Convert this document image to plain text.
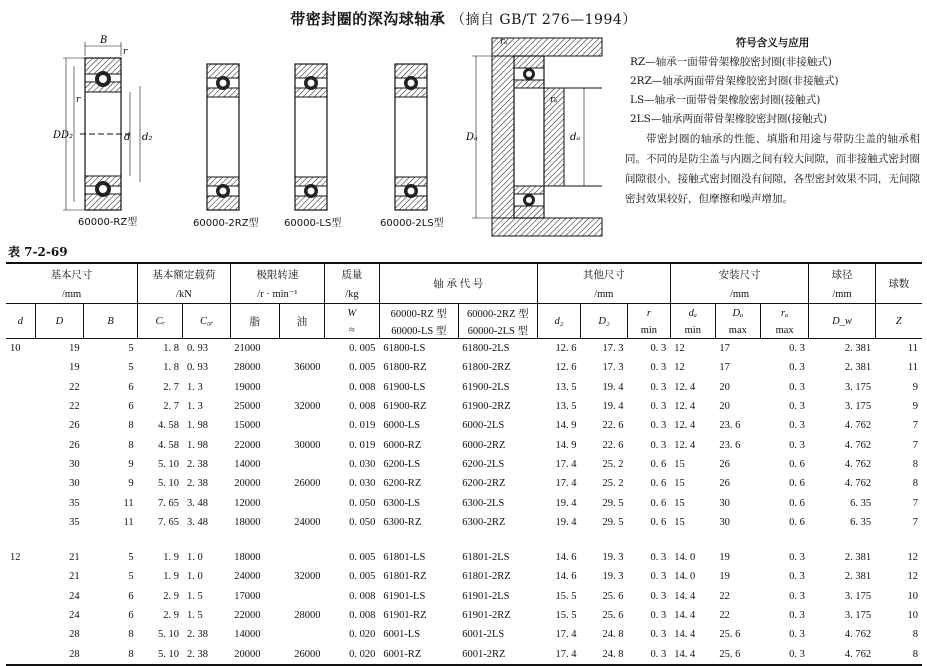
带密封圈的深沟球轴承 （摘自 GB/T 276—1994）
B
r
r
D D₂	d d₂
rₐ
rₐ
Dₐ	dₐ
60000-RZ型	60000-2RZ型	60000-LS型	60000-2LS型
符号含义与应用
RZ—轴承一面带骨架橡胶密封圈(非接触式)
2RZ—轴承两面带骨架橡胶密封圈(非接触式)
LS—轴承一面带骨架橡胶密封圈(接触式)
2LS—轴承两面带骨架橡胶密封圈(接触式)
带密封圈的轴承的性能、填脂和用途与带防尘盖的轴承相同。不同的是防尘盖与内圈之间有较大间隙，而非接触式密封圈间隙很小，接触式密封圈没有间隙，各型密封效果不同，无间隙密封效果较好，但摩擦和噪声增加。
表 7-2-69
基本尺寸			基本额定载荷		极限转速		质量	轴 承 代 号		其他尺寸			安装尺寸			球径	球数
/mm			/kN		/r · min⁻¹		/kg			/mm			/mm			/mm	
d	D	B	Cᵣ	C₀ᵣ	脂	油	W	60000-RZ 型	60000-2RZ 型	d₂	D₂	r	dₐ	Dₐ	rₐ	D_w	Z
							≈	60000-LS 型	60000-2LS 型			min	min	max	max		
10	19	5	1. 8	0. 93	21000		0. 005	61800-LS	61800-2LS	12. 6	17. 3	0. 3	12	17	0. 3	2. 381	11
	19	5	1. 8	0. 93	28000	36000	0. 005	61800-RZ	61800-2RZ	12. 6	17. 3	0. 3	12	17	0. 3	2. 381	11
	22	6	2. 7	1. 3	19000		0. 008	61900-LS	61900-2LS	13. 5	19. 4	0. 3	12. 4	20	0. 3	3. 175	9
	22	6	2. 7	1. 3	25000	32000	0. 008	61900-RZ	61900-2RZ	13. 5	19. 4	0. 3	12. 4	20	0. 3	3. 175	9
	26	8	4. 58	1. 98	15000		0. 019	6000-LS	6000-2LS	14. 9	22. 6	0. 3	12. 4	23. 6	0. 3	4. 762	7
	26	8	4. 58	1. 98	22000	30000	0. 019	6000-RZ	6000-2RZ	14. 9	22. 6	0. 3	12. 4	23. 6	0. 3	4. 762	7
	30	9	5. 10	2. 38	14000		0. 030	6200-LS	6200-2LS	17. 4	25. 2	0. 6	15	26	0. 6	4. 762	8
	30	9	5. 10	2. 38	20000	26000	0. 030	6200-RZ	6200-2RZ	17. 4	25. 2	0. 6	15	26	0. 6	4. 762	8
	35	11	7. 65	3. 48	12000		0. 050	6300-LS	6300-2LS	19. 4	29. 5	0. 6	15	30	0. 6	6. 35	7
	35	11	7. 65	3. 48	18000	24000	0. 050	6300-RZ	6300-2RZ	19. 4	29. 5	0. 6	15	30	0. 6	6. 35	7

12	21	5	1. 9	1. 0	18000		0. 005	61801-LS	61801-2LS	14. 6	19. 3	0. 3	14. 0	19	0. 3	2. 381	12
	21	5	1. 9	1. 0	24000	32000	0. 005	61801-RZ	61801-2RZ	14. 6	19. 3	0. 3	14. 0	19	0. 3	2. 381	12
	24	6	2. 9	1. 5	17000		0. 008	61901-LS	61901-2LS	15. 5	25. 6	0. 3	14. 4	22	0. 3	3. 175	10
	24	6	2. 9	1. 5	22000	28000	0. 008	61901-RZ	61901-2RZ	15. 5	25. 6	0. 3	14. 4	22	0. 3	3. 175	10
	28	8	5. 10	2. 38	14000		0. 020	6001-LS	6001-2LS	17. 4	24. 8	0. 3	14. 4	25. 6	0. 3	4. 762	8
	28	8	5. 10	2. 38	20000	26000	0. 020	6001-RZ	6001-2RZ	17. 4	24. 8	0. 3	14. 4	25. 6	0. 3	4. 762	8
